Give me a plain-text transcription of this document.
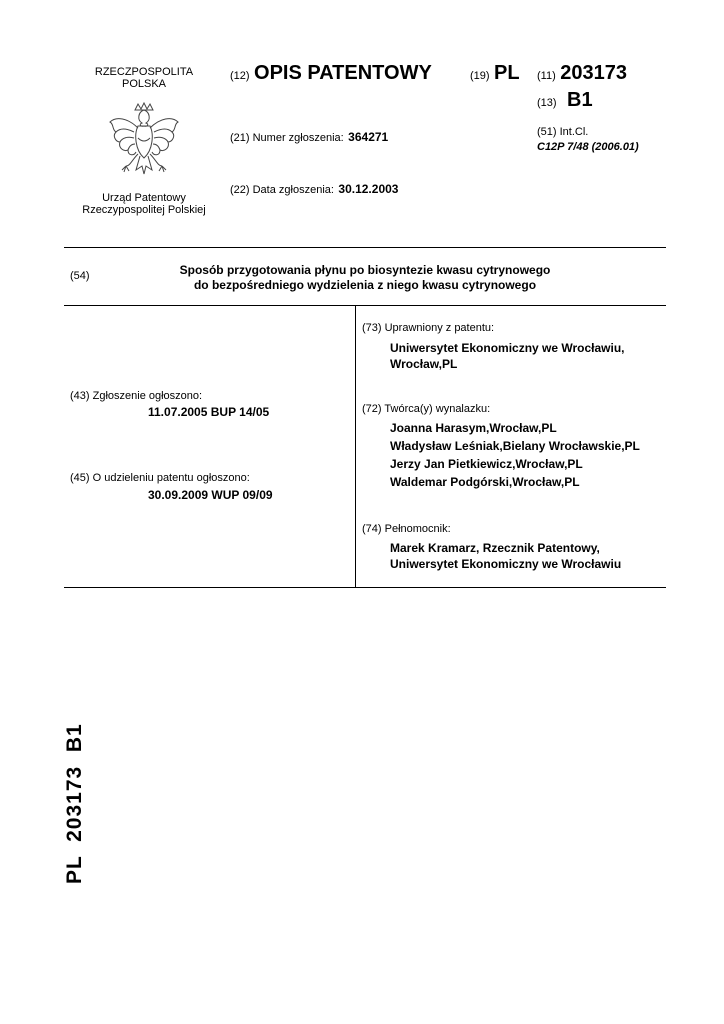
RZECZPOSPOLITA
POLSKA
Urząd Patentowy
Rzeczypospolitej Polskiej
(12) OPIS PATENTOWY	(19) PL (11) 203173
(13) B1
(21) Numer zgłoszenia: 364271	(51) Int.Cl.
C12P 7/48 (2006.01)
(22) Data zgłoszenia: 30.12.2003
(54)	Sposób przygotowania płynu po biosyntezie kwasu cytrynowego
do bezpośredniego wydzielenia z niego kwasu cytrynowego
(43) Zgłoszenie ogłoszono:
11.07.2005 BUP 14/05
(45) O udzieleniu patentu ogłoszono:
30.09.2009 WUP 09/09
(73) Uprawniony z patentu:
Uniwersytet Ekonomiczny we Wrocławiu,
Wrocław,PL
(72) Twórca(y) wynalazku:
Joanna Harasym,Wrocław,PL
Władysław Leśniak,Bielany Wrocławskie,PL
Jerzy Jan Pietkiewicz,Wrocław,PL
Waldemar Podgórski,Wrocław,PL
(74) Pełnomocnik:
Marek Kramarz, Rzecznik Patentowy,
Uniwersytet Ekonomiczny we Wrocławiu
PL  203173  B1
